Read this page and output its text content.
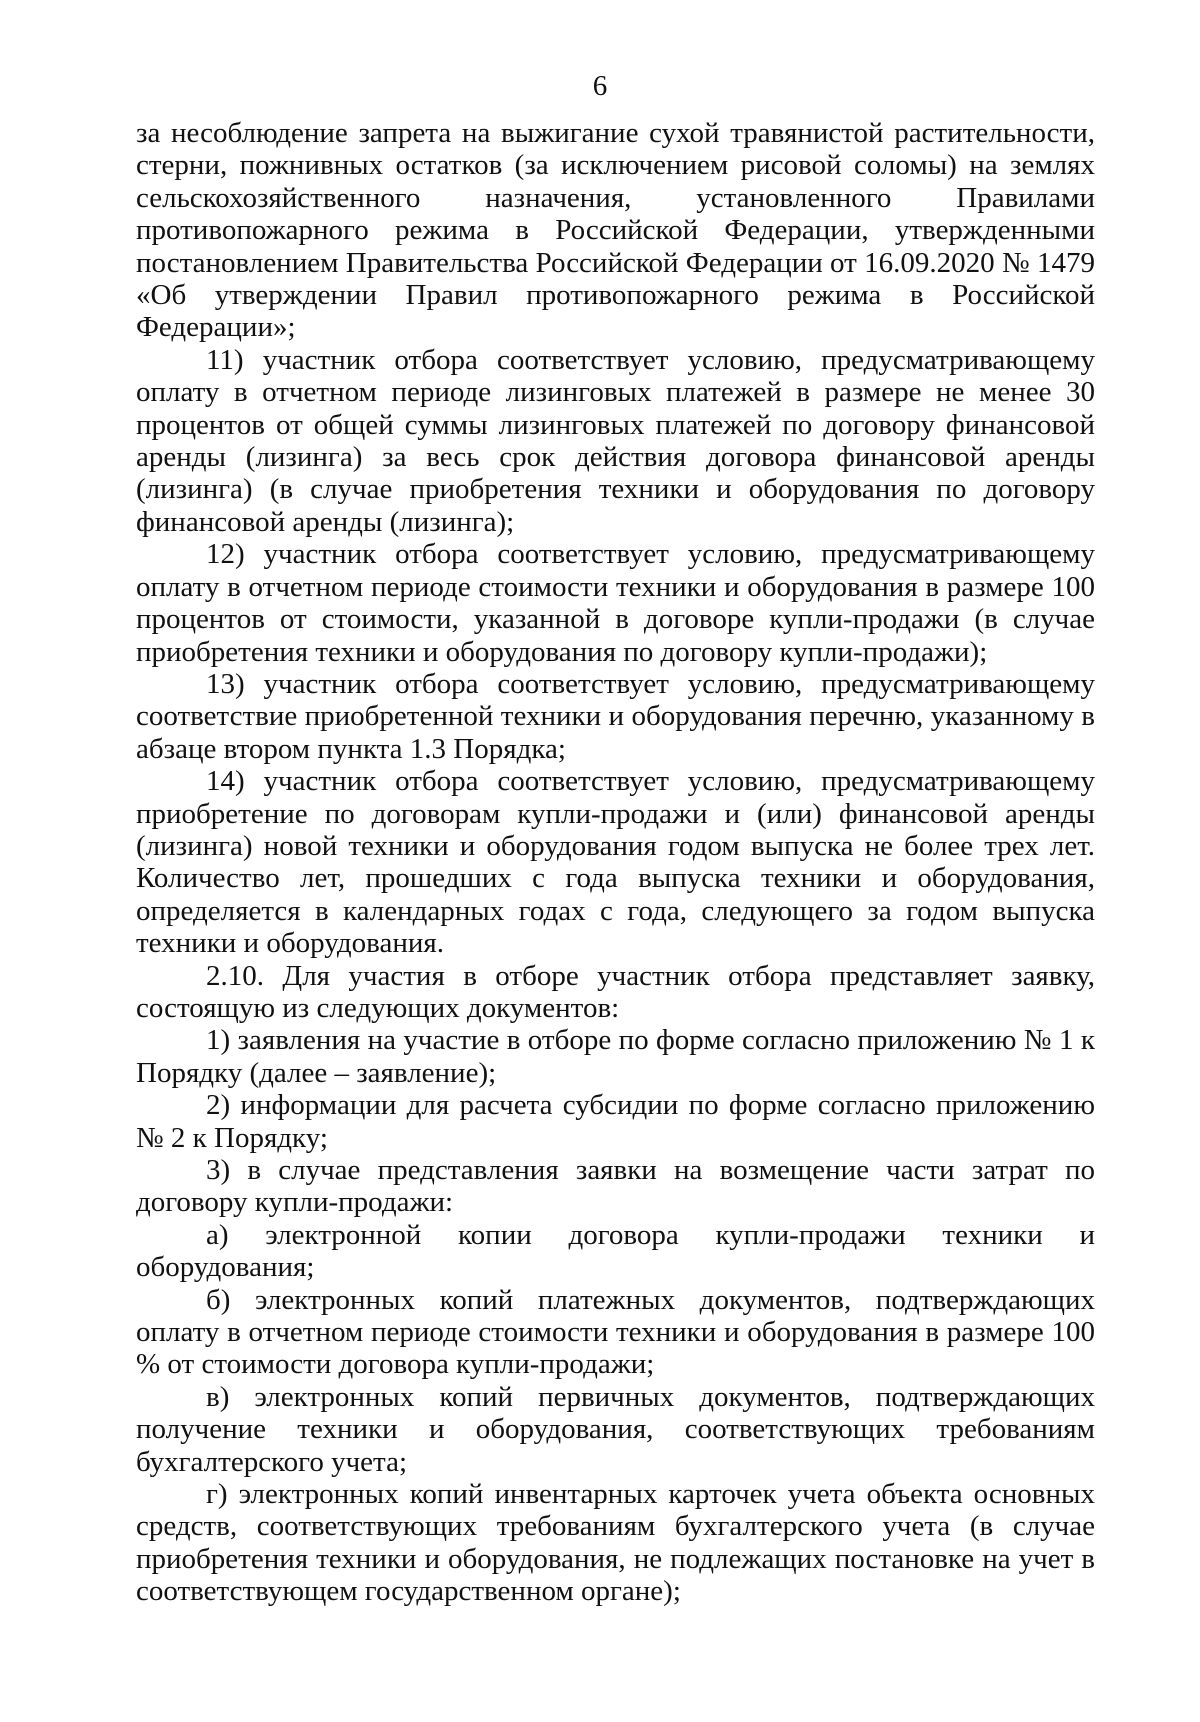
6

за несоблюдение запрета на выжигание сухой травянистой растительности, стерни, пожнивных остатков (за исключением рисовой соломы) на землях сельскохозяйственного назначения, установленного Правилами противопожарного режима в Российской Федерации, утвержденными постановлением Правительства Российской Федерации от 16.09.2020 № 1479 «Об утверждении Правил противопожарного режима в Российской Федерации»;

11) участник отбора соответствует условию, предусматривающему оплату в отчетном периоде лизинговых платежей в размере не менее 30 процентов от общей суммы лизинговых платежей по договору финансовой аренды (лизинга) за весь срок действия договора финансовой аренды (лизинга) (в случае приобретения техники и оборудования по договору финансовой аренды (лизинга);

12) участник отбора соответствует условию, предусматривающему оплату в отчетном периоде стоимости техники и оборудования в размере 100 процентов от стоимости, указанной в договоре купли-продажи (в случае приобретения техники и оборудования по договору купли-продажи);

13) участник отбора соответствует условию, предусматривающему соответствие приобретенной техники и оборудования перечню, указанному в абзаце втором пункта 1.3 Порядка;

14) участник отбора соответствует условию, предусматривающему приобретение по договорам купли-продажи и (или) финансовой аренды (лизинга) новой техники и оборудования годом выпуска не более трех лет. Количество лет, прошедших с года выпуска техники и оборудования, определяется в календарных годах с года, следующего за годом выпуска техники и оборудования.

2.10. Для участия в отборе участник отбора представляет заявку, состоящую из следующих документов:

1) заявления на участие в отборе по форме согласно приложению № 1 к Порядку (далее – заявление);

2) информации для расчета субсидии по форме согласно приложению № 2 к Порядку;

3) в случае представления заявки на возмещение части затрат по договору купли-продажи:

а) электронной копии договора купли-продажи техники и оборудования;

б) электронных копий платежных документов, подтверждающих оплату в отчетном периоде стоимости техники и оборудования в размере 100 % от стоимости договора купли-продажи;

в) электронных копий первичных документов, подтверждающих получение техники и оборудования, соответствующих требованиям бухгалтерского учета;

г) электронных копий инвентарных карточек учета объекта основных средств, соответствующих требованиям бухгалтерского учета (в случае приобретения техники и оборудования, не подлежащих постановке на учет в соответствующем государственном органе);
